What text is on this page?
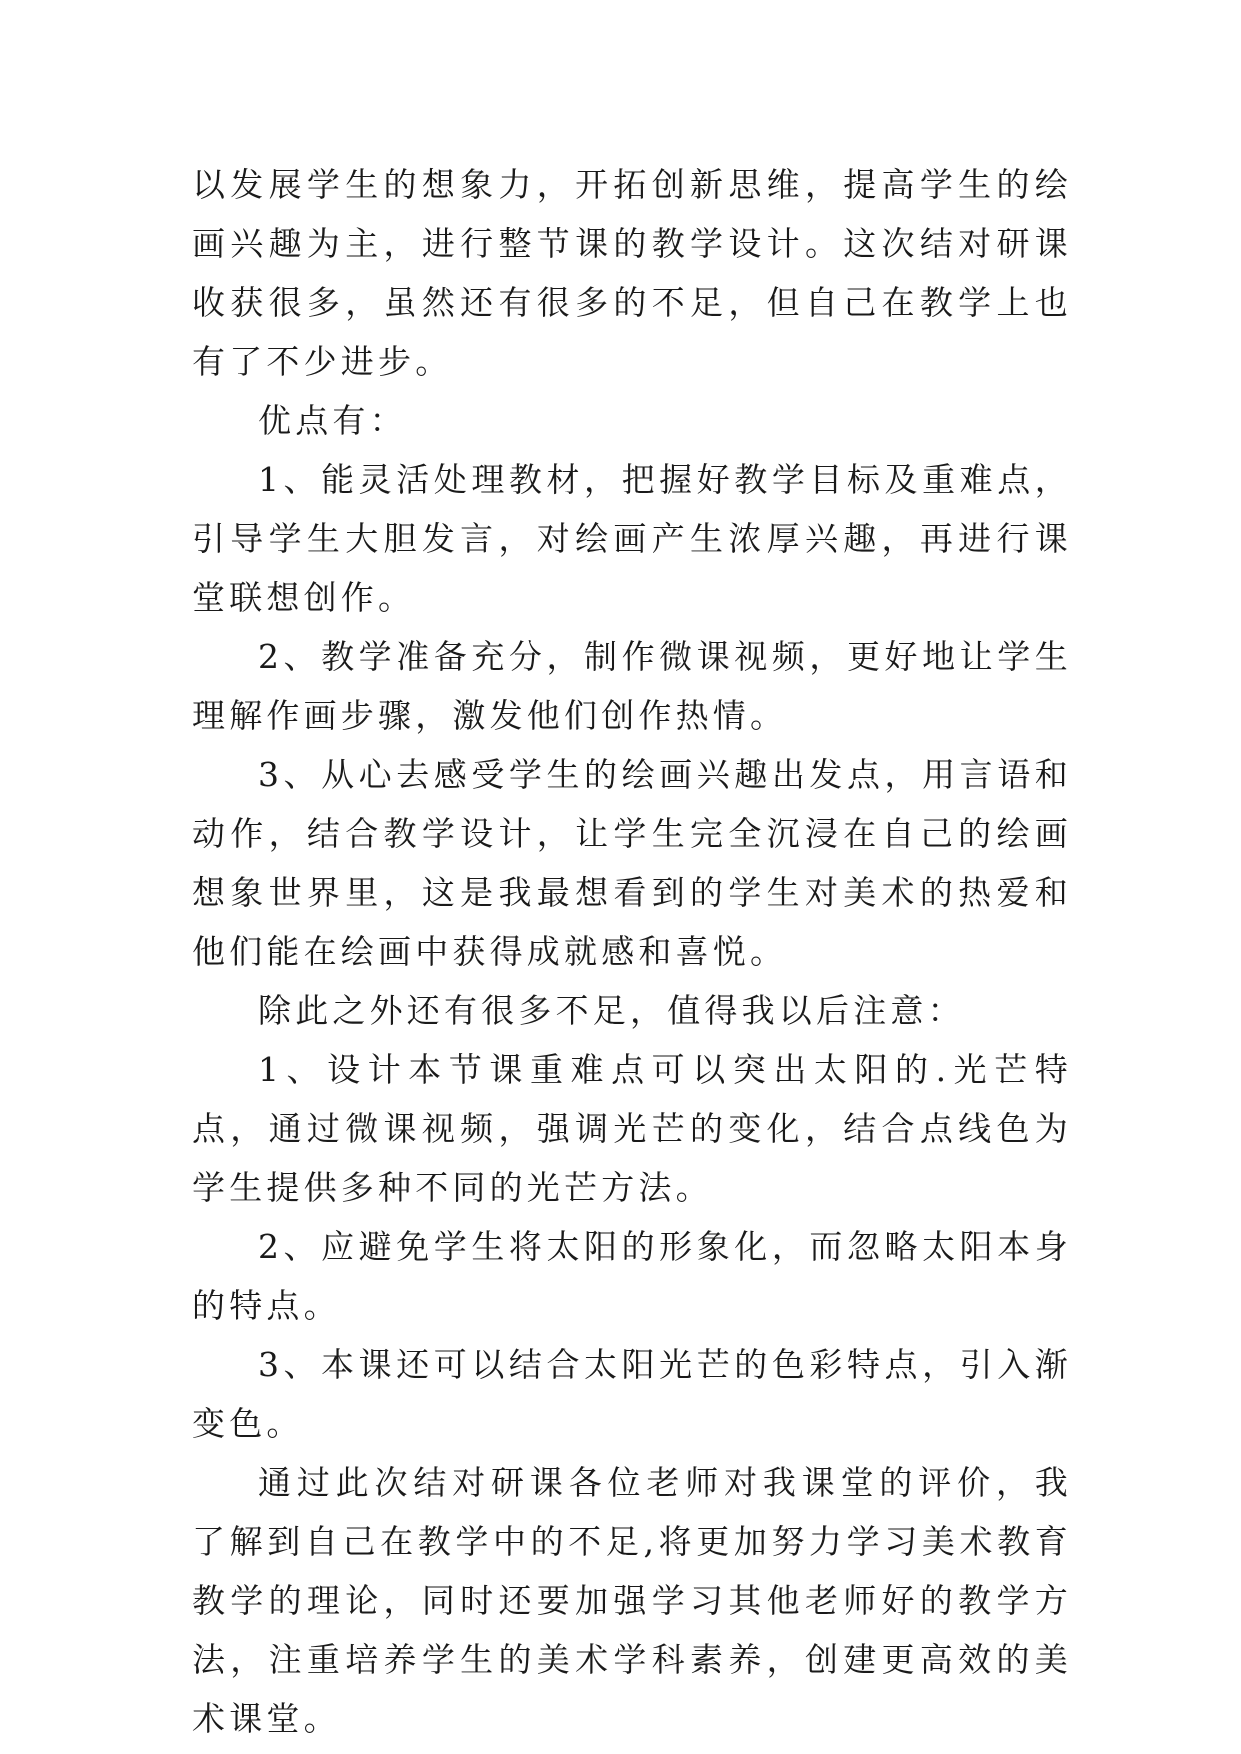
以发展学生的想象力，开拓创新思维，提高学生的绘画兴趣为主，进行整节课的教学设计。这次结对研课收获很多，虽然还有很多的不足，但自己在教学上也有了不少进步。

优点有：

1、能灵活处理教材，把握好教学目标及重难点，引导学生大胆发言，对绘画产生浓厚兴趣，再进行课堂联想创作。

2、教学准备充分，制作微课视频，更好地让学生理解作画步骤，激发他们创作热情。

3、从心去感受学生的绘画兴趣出发点，用言语和动作，结合教学设计，让学生完全沉浸在自己的绘画想象世界里，这是我最想看到的学生对美术的热爱和他们能在绘画中获得成就感和喜悦。

除此之外还有很多不足，值得我以后注意：

1、设计本节课重难点可以突出太阳的.光芒特点，通过微课视频，强调光芒的变化，结合点线色为学生提供多种不同的光芒方法。

2、应避免学生将太阳的形象化，而忽略太阳本身的特点。

3、本课还可以结合太阳光芒的色彩特点，引入渐变色。

通过此次结对研课各位老师对我课堂的评价，我了解到自己在教学中的不足,将更加努力学习美术教育教学的理论，同时还要加强学习其他老师好的教学方法，注重培养学生的美术学科素养，创建更高效的美术课堂。
